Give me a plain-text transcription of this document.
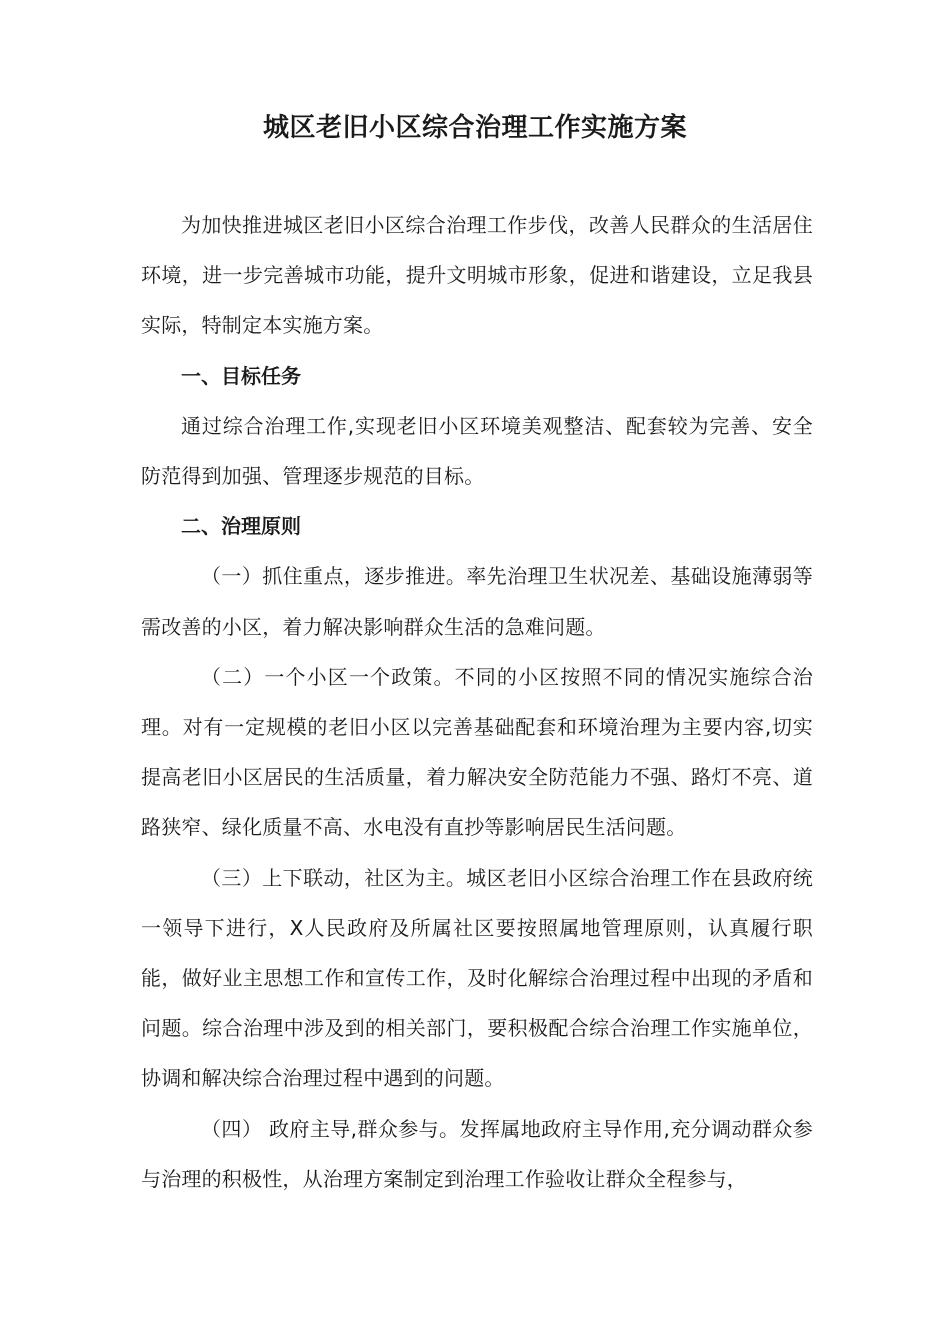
城区老旧小区综合治理工作实施方案

为加快推进城区老旧小区综合治理工作步伐，改善人民群众的生活居住环境，进一步完善城市功能，提升文明城市形象，促进和谐建设，立足我县实际，特制定本实施方案。

一、目标任务

通过综合治理工作,实现老旧小区环境美观整洁、配套较为完善、安全防范得到加强、管理逐步规范的目标。

二、治理原则

（一）抓住重点，逐步推进。率先治理卫生状况差、基础设施薄弱等需改善的小区，着力解决影响群众生活的急难问题。

（二）一个小区一个政策。不同的小区按照不同的情况实施综合治理。对有一定规模的老旧小区以完善基础配套和环境治理为主要内容,切实提高老旧小区居民的生活质量，着力解决安全防范能力不强、路灯不亮、道路狭窄、绿化质量不高、水电没有直抄等影响居民生活问题。

（三）上下联动，社区为主。城区老旧小区综合治理工作在县政府统一领导下进行，X人民政府及所属社区要按照属地管理原则，认真履行职能，做好业主思想工作和宣传工作，及时化解综合治理过程中出现的矛盾和问题。综合治理中涉及到的相关部门，要积极配合综合治理工作实施单位，协调和解决综合治理过程中遇到的问题。

（四） 政府主导,群众参与。发挥属地政府主导作用,充分调动群众参与治理的积极性，从治理方案制定到治理工作验收让群众全程参与，
